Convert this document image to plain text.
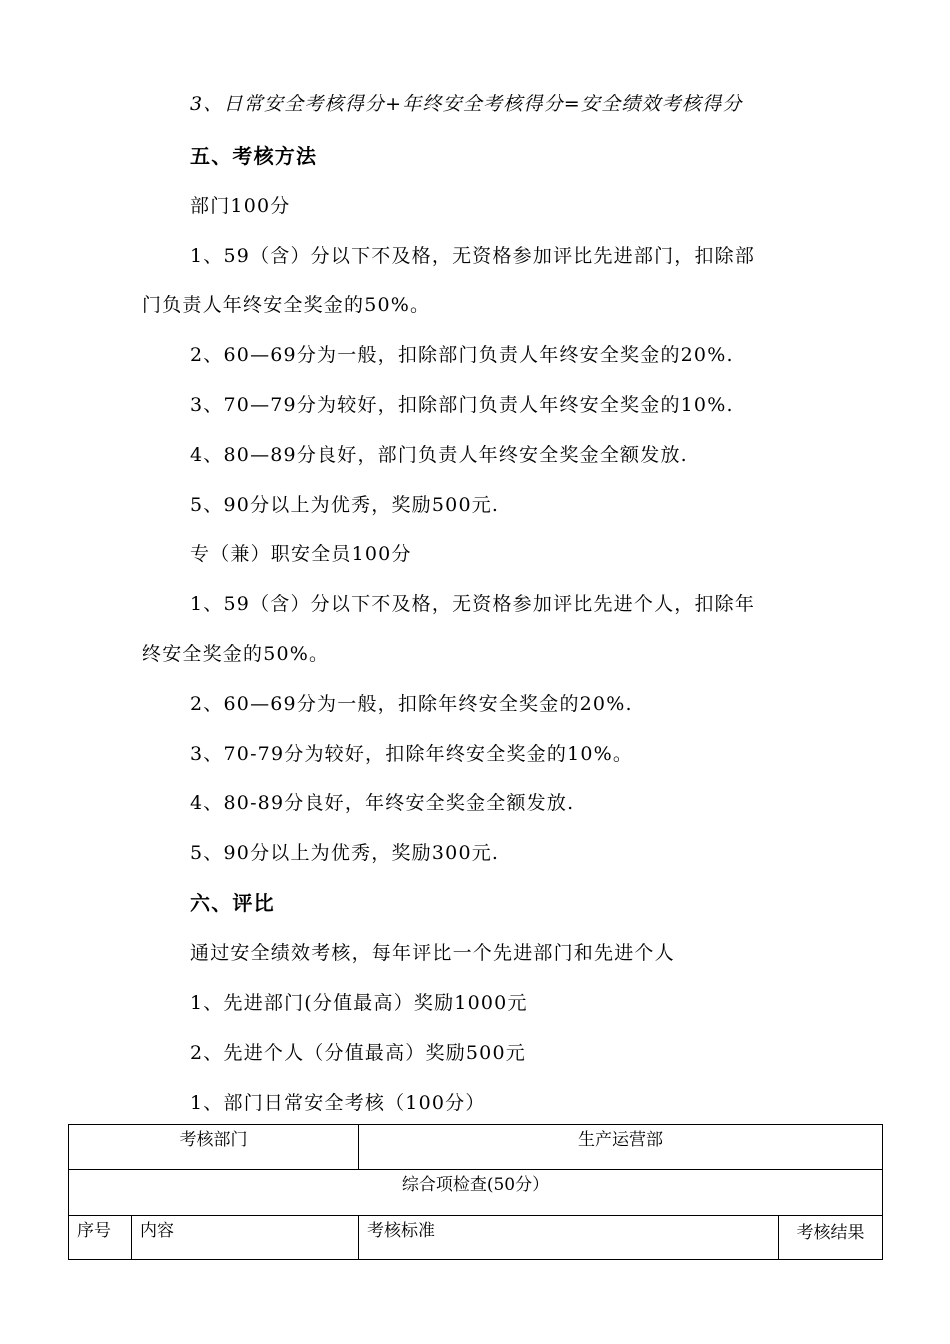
3、日常安全考核得分+年终安全考核得分=安全绩效考核得分
五、考核方法
部门100分
1、59（含）分以下不及格，无资格参加评比先进部门，扣除部
门负责人年终安全奖金的50%。
2、60—69分为一般，扣除部门负责人年终安全奖金的20%.
3、70—79分为较好，扣除部门负责人年终安全奖金的10%.
4、80—89分良好，部门负责人年终安全奖金全额发放.
5、90分以上为优秀，奖励500元.
专（兼）职安全员100分
1、59（含）分以下不及格，无资格参加评比先进个人，扣除年
终安全奖金的50%。
2、60—69分为一般，扣除年终安全奖金的20%.
3、70-79分为较好，扣除年终安全奖金的10%。
4、80-89分良好，年终安全奖金全额发放.
5、90分以上为优秀，奖励300元.
六、评比
通过安全绩效考核，每年评比一个先进部门和先进个人
1、先进部门(分值最高）奖励1000元
2、先进个人（分值最高）奖励500元
1、部门日常安全考核（100分）
考核部门		生产运营部	
综合项检查(50分）			
序号	内容	考核标准	考核结果
